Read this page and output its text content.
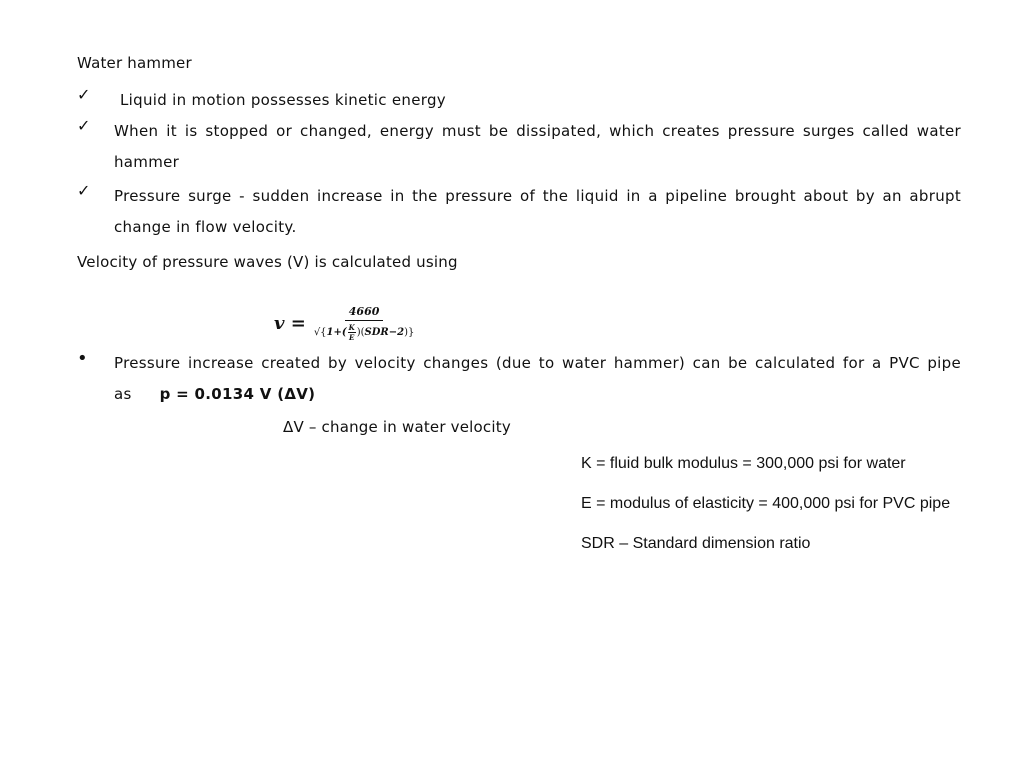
Water hammer
✓ Liquid in motion possesses kinetic energy
✓ When it is stopped or changed, energy must be dissipated, which creates pressure surges called water hammer
✓ Pressure surge - sudden increase in the pressure of the liquid in a pipeline brought about by an abrupt change in flow velocity.
Velocity of pressure waves (V) is calculated using
𝒗 =
4660
√{ $1+( \frac{K}{E}$ )( SDR−2 )}
• Pressure increase created by velocity changes (due to water hammer) can be calculated for a PVC pipe as p = 0.0134 V (ΔV)
ΔV – change in water velocity
K = fluid bulk modulus = 300,000 psi for water
E = modulus of elasticity = 400,000 psi for PVC pipe
SDR – Standard dimension ratio
